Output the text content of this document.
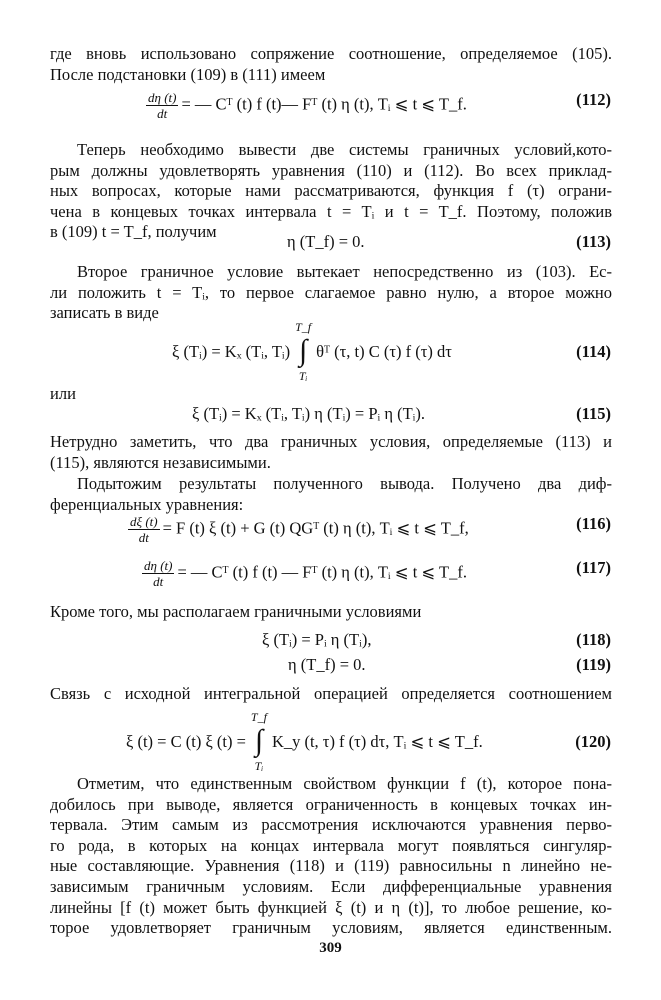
где вновь использовано сопряжение соотношение, определяемое (105).
После подстановки (109) в (111) имеем
$\frac{d\eta (t)}{dt}$ = — Cᵀ (t) f (t)— Fᵀ (t) η (t), Tᵢ ⩽ t ⩽ T_f.	(112)
Теперь необходимо вывести две системы граничных условий,кото-
рым должны удовлетворять уравнения (110) и (112). Во всех приклад-
ных вопросах, которые нами рассматриваются, функция f (τ) ограни-
чена в концевых точках интервала t = Tᵢ и t = T_f. Поэтому, положив
в (109) t = T_f, получим
η (T_f) = 0.	(113)
Второе граничное условие вытекает непосредственно из (103). Ес-
ли положить t = Tᵢ, то первое слагаемое равно нулю, а второе можно
записать в виде
ξ (Tᵢ) = Kₓ (Tᵢ, Tᵢ)
T_f
∫
Tᵢ
θᵀ (τ, t) C (τ) f (τ) dτ	(114)
или
ξ (Tᵢ) = Kₓ (Tᵢ, Tᵢ) η (Tᵢ) = Pᵢ η (Tᵢ).	(115)
Нетрудно заметить, что два граничных условия, определяемые (113) и
(115), являются независимыми.
Подытожим результаты полученного вывода. Получено два диф-
ференциальных уравнения:
$\frac{d\xi (t)}{dt} = F$ (t) ξ (t) + G (t) QGᵀ (t) η (t), Tᵢ ⩽ t ⩽ T_f,	(116)
$\frac{d\eta (t)}{dt}$ = — Cᵀ (t) f (t) — Fᵀ (t) η (t), Tᵢ ⩽ t ⩽ T_f.	(117)
Кроме того, мы располагаем граничными условиями
ξ (Tᵢ) = Pᵢ η (Tᵢ),	(118)
η (T_f) = 0.	(119)
Связь с исходной интегральной операцией определяется соотношением
ξ (t) = C (t) ξ (t) =
T_f
∫
Tᵢ
K_y (t, τ) f (τ) dτ, Tᵢ ⩽ t ⩽ T_f.	(120)
Отметим, что единственным свойством функции f (t), которое пона-
добилось при выводе, является ограниченность в концевых точках ин-
тервала. Этим самым из рассмотрения исключаются уравнения перво-
го рода, в которых на концах интервала могут появляться сингуляр-
ные составляющие. Уравнения (118) и (119) равносильны n линейно не-
зависимым граничным условиям. Если дифференциальные уравнения
линейны [f (t) может быть функцией ξ (t) и η (t)], то любое решение, ко-
торое удовлетворяет граничным условиям, является единственным.
309
